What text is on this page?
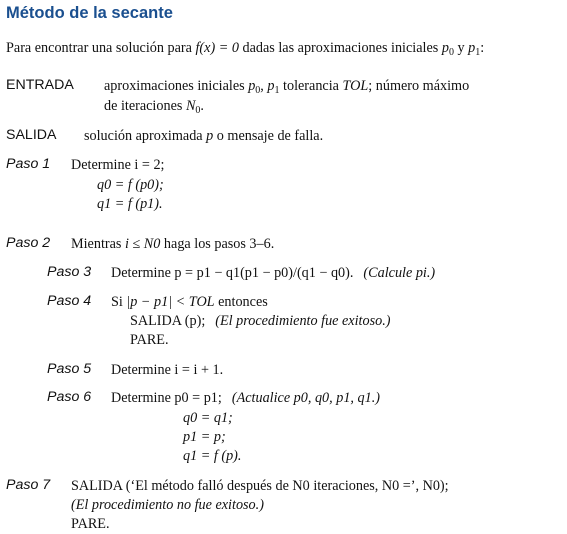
Método de la secante
Para encontrar una solución para f(x) = 0 dadas las aproximaciones iniciales $p_0$ y $p_1$:
ENTRADA aproximaciones iniciales $p_0$, $p_1$ tolerancia TOL; número máximo
de iteraciones $N_0$.
SALIDA solución aproximada p o mensaje de falla.
Paso 1 Determine i = 2;
q0 = f (p0);
q1 = f (p1).
Paso 2 Mientras i ≤ N0 haga los pasos 3–6.
Paso 3 Determine p = p1 − q1(p1 − p0)/(q1 − q0). (Calcule pi.)
Paso 4 Si |p − p1| < TOL entonces
SALIDA (p); (El procedimiento fue exitoso.)
PARE.
Paso 5 Determine i = i + 1.
Paso 6 Determine p0 = p1; (Actualice p0, q0, p1, q1.)
q0 = q1;
p1 = p;
q1 = f (p).
Paso 7 SALIDA (‘El método falló después de N0 iteraciones, N0 =’, N0);
(El procedimiento no fue exitoso.)
PARE.
